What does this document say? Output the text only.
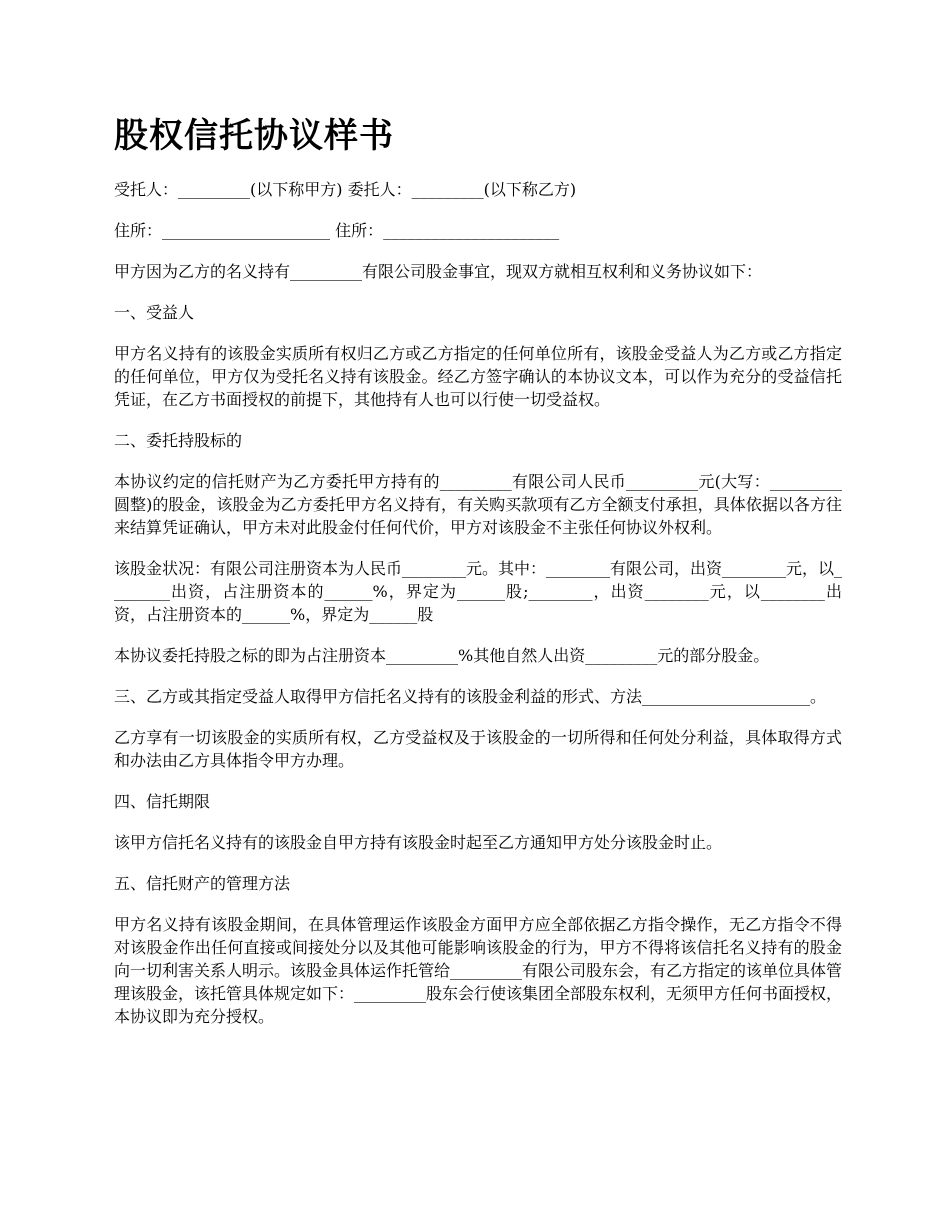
股权信托协议样书

受托人：_________(以下称甲方) 委托人：_________(以下称乙方)

住所：_____________________ 住所：______________________

甲方因为乙方的名义持有_________有限公司股金事宜，现双方就相互权利和义务协议如下：

一、受益人

甲方名义持有的该股金实质所有权归乙方或乙方指定的任何单位所有，该股金受益人为乙方或乙方指定的任何单位，甲方仅为受托名义持有该股金。经乙方签字确认的本协议文本，可以作为充分的受益信托凭证，在乙方书面授权的前提下，其他持有人也可以行使一切受益权。

二、委托持股标的

本协议约定的信托财产为乙方委托甲方持有的_________有限公司人民币_________元(大写：_________圆整)的股金，该股金为乙方委托甲方名义持有，有关购买款项有乙方全额支付承担，具体依据以各方往来结算凭证确认，甲方未对此股金付任何代价，甲方对该股金不主张任何协议外权利。

该股金状况：有限公司注册资本为人民币________元。其中：________有限公司，出资________元，以________出资，占注册资本的______%，界定为______股;________，出资________元，以________出资，占注册资本的______%，界定为______股

本协议委托持股之标的即为占注册资本_________%其他自然人出资_________元的部分股金。

三、乙方或其指定受益人取得甲方信托名义持有的该股金利益的形式、方法_____________________。

乙方享有一切该股金的实质所有权，乙方受益权及于该股金的一切所得和任何处分利益，具体取得方式和办法由乙方具体指令甲方办理。

四、信托期限

该甲方信托名义持有的该股金自甲方持有该股金时起至乙方通知甲方处分该股金时止。

五、信托财产的管理方法

甲方名义持有该股金期间，在具体管理运作该股金方面甲方应全部依据乙方指令操作，无乙方指令不得对该股金作出任何直接或间接处分以及其他可能影响该股金的行为，甲方不得将该信托名义持有的股金向一切利害关系人明示。该股金具体运作托管给_________有限公司股东会，有乙方指定的该单位具体管理该股金，该托管具体规定如下：_________股东会行使该集团全部股东权利，无须甲方任何书面授权，本协议即为充分授权。
